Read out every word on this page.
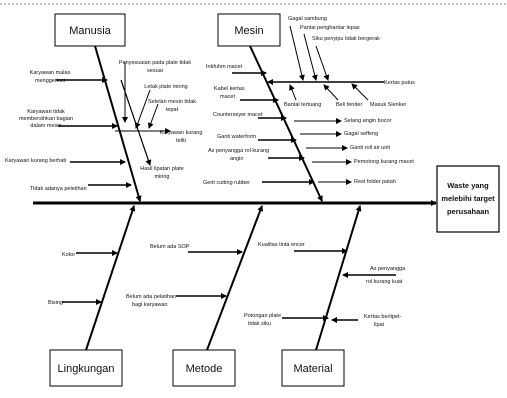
Waste yang
melebihi target
perusahaan
Manusia	Mesin
Lingkungan	Metode	Material
Karyawan malas
menggerinci
Karyawan tidak
membersihkan bagian
dalam mesin
Karyawan kurang berhati
Tidak adanya peletihan
Penyesuaian pada plate tidak
sesuai
Letak plate miring
Setelan mesin tidak
tepat
Karyawan kurang
teliti
Hasil lipatan plate
miring
Inkfuhm macet
Kabel kertas
macet
Counterseyer macet
Ganti waterform
As penyangga rol kurang
angin
Gerit cutting rubber
Kertas putus
Gagal sambung
Pantai penghantar lepas
Siku penyipu tidak bergerak
Masuk Sienker
Bantal tertuang	Beli fender
Selang angin bocor
Gagal seffeng
Ganti roll air unit
Pemotong kurang macet
Rest folder patah
Kotor
Bising
Belum ada SOP
Belum ada pelatihan
bagi karyawan
Kualitas tinta encer
As penyangga
rol kurang kuat
Potongan plate
tidak siku
Kertas berlipet-
lipat
